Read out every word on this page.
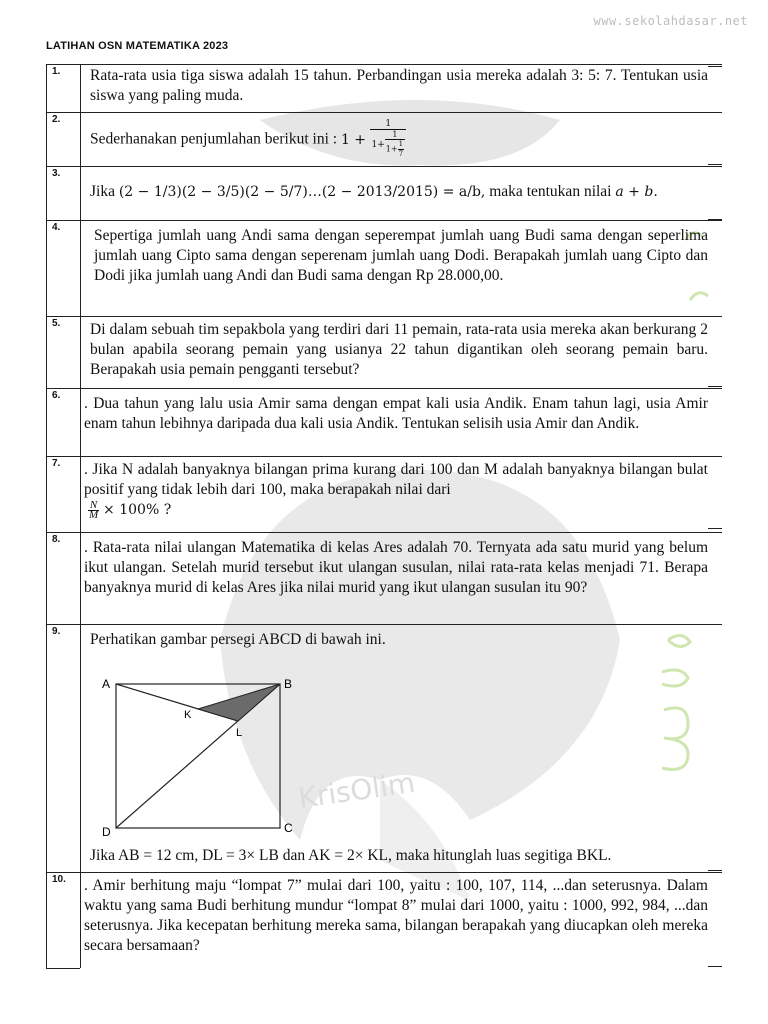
www.sekolahdasar.net
LATIHAN OSN MATEMATIKA 2023
KrisOlim
1. Rata-rata usia tiga siswa adalah 15 tahun. Perbandingan usia mereka adalah 3: 5: 7. Tentukan usia siswa yang paling muda.
2.
Sederhanakan penjumlahan berikut ini : $1 + \frac{1}{1+ \frac{1}{1+ \frac{1}{7}}}$
3.
Jika (2 − 1/3)(2 − 3/5)(2 − 5/7)…(2 − 2013/2015) = a/b, maka tentukan nilai a + b.
4. Sepertiga jumlah uang Andi sama dengan seperempat jumlah uang Budi sama dengan seperlima jumlah uang Cipto sama dengan seperenam jumlah uang Dodi. Berapakah jumlah uang Cipto dan Dodi jika jumlah uang Andi dan Budi sama dengan Rp 28.000,00.
5. Di dalam sebuah tim sepakbola yang terdiri dari 11 pemain, rata-rata usia mereka akan berkurang 2 bulan apabila seorang pemain yang usianya 22 tahun digantikan oleh seorang pemain baru. Berapakah usia pemain pengganti tersebut?
6. . Dua tahun yang lalu usia Amir sama dengan empat kali usia Andik. Enam tahun lagi, usia Amir enam tahun lebihnya daripada dua kali usia Andik. Tentukan selisih usia Amir dan Andik.
7. . Jika N adalah banyaknya bilangan prima kurang dari 100 dan M adalah banyaknya bilangan bulat positif yang tidak lebih dari 100, maka berapakah nilai dari

$\frac{N}{M} \times 100\%$ ?
8. . Rata-rata nilai ulangan Matematika di kelas Ares adalah 70. Ternyata ada satu murid yang belum ikut ulangan. Setelah murid tersebut ikut ulangan susulan, nilai rata-rata kelas menjadi 71. Berapa banyaknya murid di kelas Ares jika nilai murid yang ikut ulangan susulan itu 90?
9. Perhatikan gambar persegi ABCD di bawah ini.
Jika AB = 12 cm, DL = 3× LB dan AK = 2× KL, maka hitunglah luas segitiga BKL.
10. . Amir berhitung maju “lompat 7” mulai dari 100, yaitu : 100, 107, 114, ...dan seterusnya. Dalam waktu yang sama Budi berhitung mundur “lompat 8” mulai dari 1000, yaitu : 1000, 992, 984, ...dan seterusnya. Jika kecepatan berhitung mereka sama, bilangan berapakah yang diucapkan oleh mereka secara bersamaan?
A	B
C
D
K
L
